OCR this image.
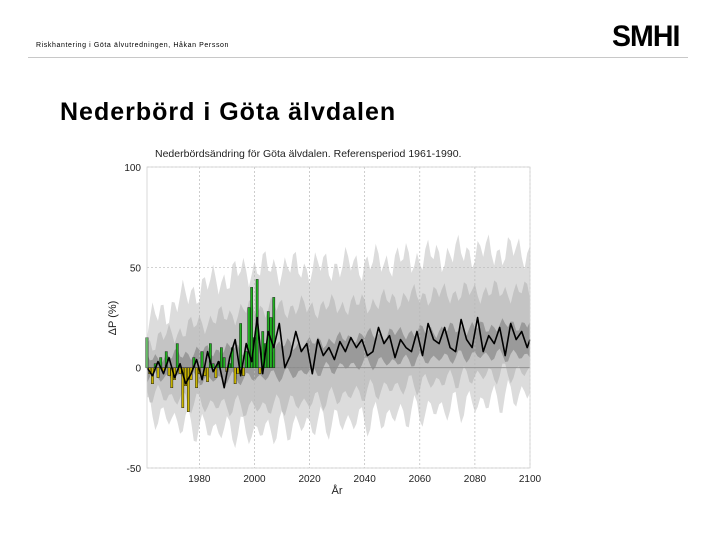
Riskhantering i Göta älvutredningen, Håkan Persson	SMHI
Nederbörd i Göta älvdalen
1980	2000	2020	2040	2060	2080	2100
-50
0
50
100
Nederbördsändring för Göta älvdalen. Referensperiod 1961-1990.
År
ΔP (%)
